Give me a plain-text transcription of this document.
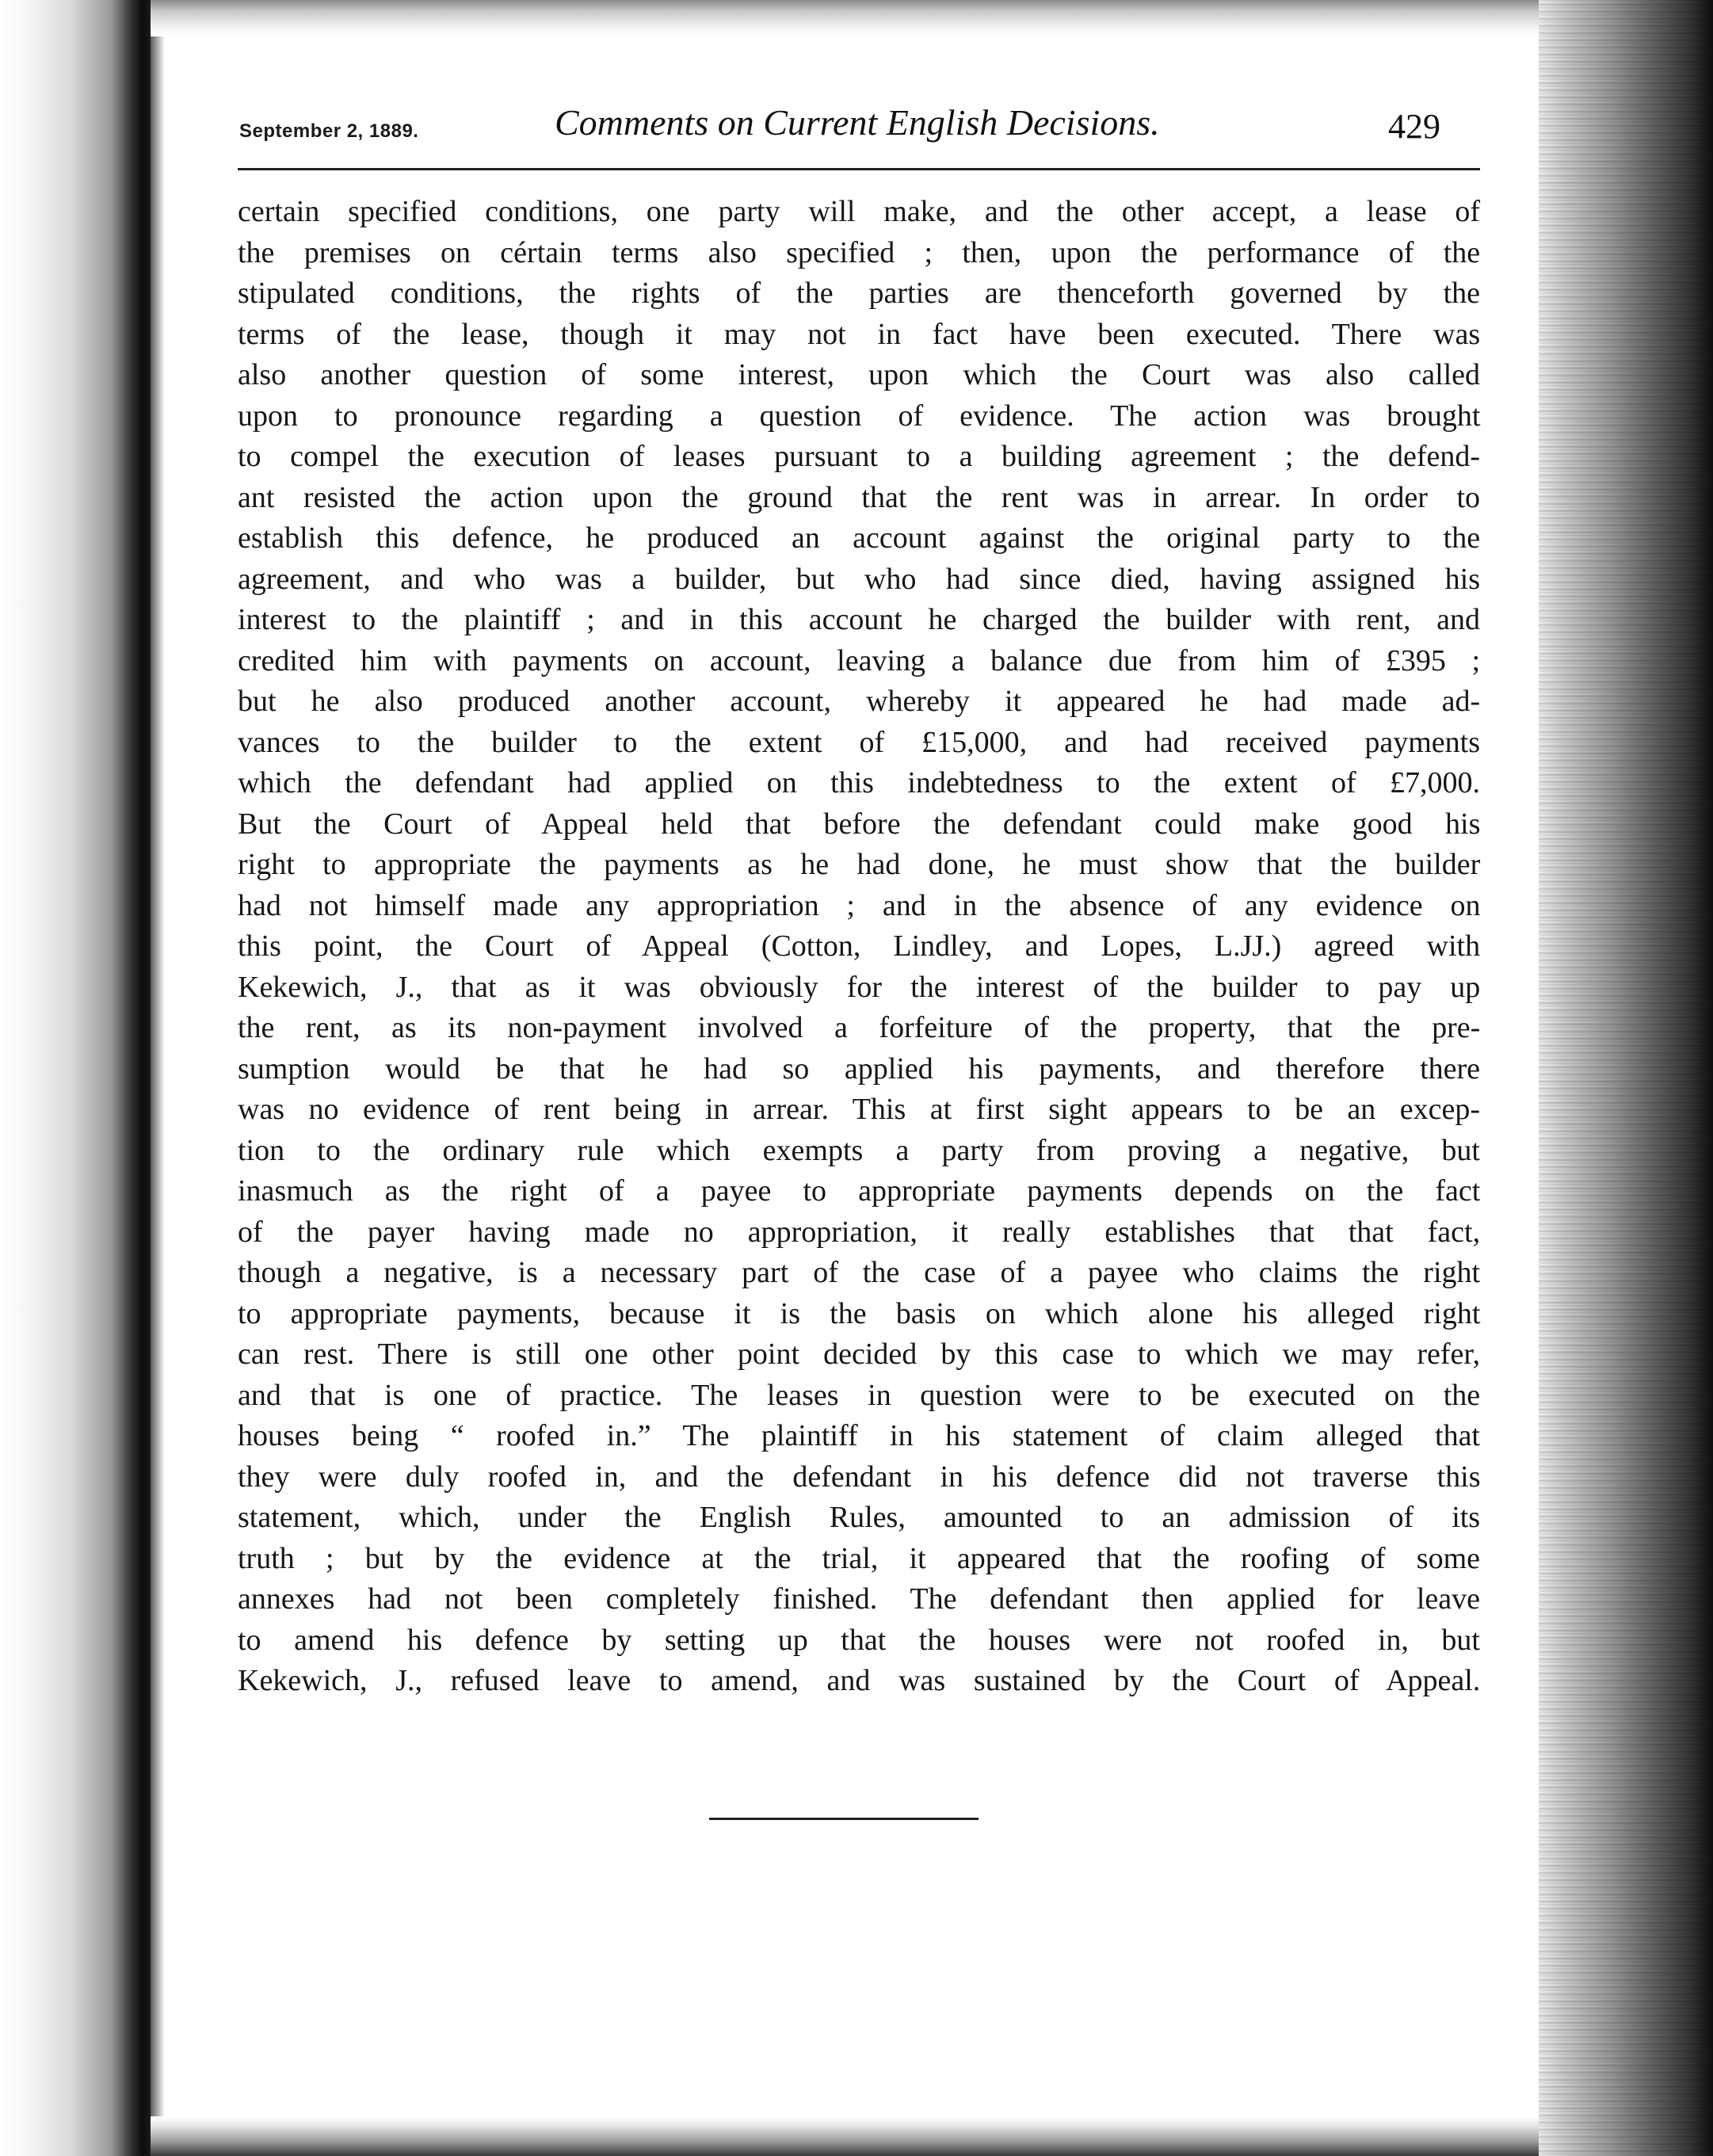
September 2, 1889.	Comments on Current English Decisions.	429
certain specified conditions, one party will make, and the other accept, a lease of
the premises on cértain terms also specified ; then, upon the performance of the
stipulated conditions, the rights of the parties are thenceforth governed by the
terms of the lease, though it may not in fact have been executed. There was
also another question of some interest, upon which the Court was also called
upon to pronounce regarding a question of evidence. The action was brought
to compel the execution of leases pursuant to a building agreement ; the defend-
ant resisted the action upon the ground that the rent was in arrear. In order to
establish this defence, he produced an account against the original party to the
agreement, and who was a builder, but who had since died, having assigned his
interest to the plaintiff ; and in this account he charged the builder with rent, and
credited him with payments on account, leaving a balance due from him of £395 ;
but he also produced another account, whereby it appeared he had made ad-
vances to the builder to the extent of £15,000, and had received payments
which the defendant had applied on this indebtedness to the extent of £7,000.
But the Court of Appeal held that before the defendant could make good his
right to appropriate the payments as he had done, he must show that the builder
had not himself made any appropriation ; and in the absence of any evidence on
this point, the Court of Appeal (Cotton, Lindley, and Lopes, L.JJ.) agreed with
Kekewich, J., that as it was obviously for the interest of the builder to pay up
the rent, as its non-payment involved a forfeiture of the property, that the pre-
sumption would be that he had so applied his payments, and therefore there
was no evidence of rent being in arrear. This at first sight appears to be an excep-
tion to the ordinary rule which exempts a party from proving a negative, but
inasmuch as the right of a payee to appropriate payments depends on the fact
of the payer having made no appropriation, it really establishes that that fact,
though a negative, is a necessary part of the case of a payee who claims the right
to appropriate payments, because it is the basis on which alone his alleged right
can rest. There is still one other point decided by this case to which we may refer,
and that is one of practice. The leases in question were to be executed on the
houses being “ roofed in.” The plaintiff in his statement of claim alleged that
they were duly roofed in, and the defendant in his defence did not traverse this
statement, which, under the English Rules, amounted to an admission of its
truth ; but by the evidence at the trial, it appeared that the roofing of some
annexes had not been completely finished. The defendant then applied for leave
to amend his defence by setting up that the houses were not roofed in, but
Kekewich, J., refused leave to amend, and was sustained by the Court of Appeal.
